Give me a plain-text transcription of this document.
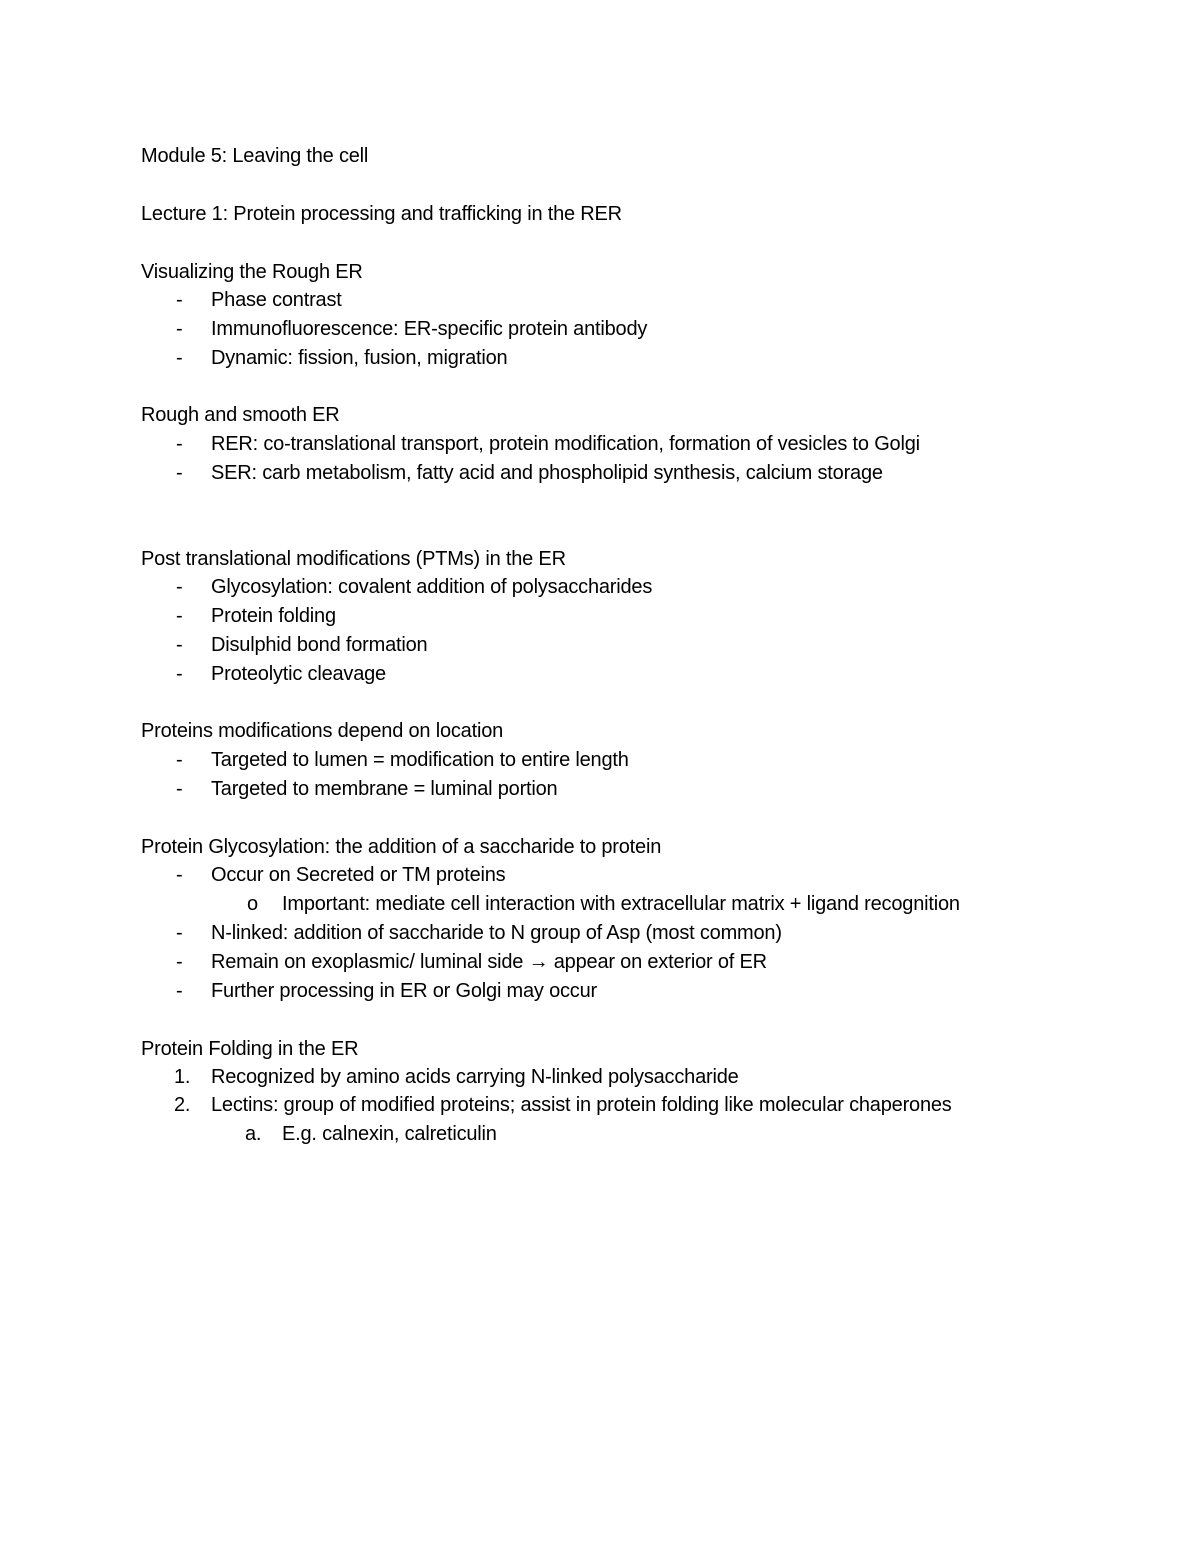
Module 5: Leaving the cell
Lecture 1: Protein processing and trafficking in the RER
Visualizing the Rough ER
- Phase contrast
- Immunofluorescence: ER-specific protein antibody
- Dynamic: fission, fusion, migration
Rough and smooth ER
- RER: co-translational transport, protein modification, formation of vesicles to Golgi
- SER: carb metabolism, fatty acid and phospholipid synthesis, calcium storage
Post translational modifications (PTMs) in the ER
- Glycosylation: covalent addition of polysaccharides
- Protein folding
- Disulphid bond formation
- Proteolytic cleavage
Proteins modifications depend on location
- Targeted to lumen = modification to entire length
- Targeted to membrane = luminal portion
Protein Glycosylation: the addition of a saccharide to protein
- Occur on Secreted or TM proteins
o Important: mediate cell interaction with extracellular matrix + ligand recognition
- N-linked: addition of saccharide to N group of Asp (most common)
- Remain on exoplasmic/ luminal side → appear on exterior of ER
- Further processing in ER or Golgi may occur
Protein Folding in the ER
1. Recognized by amino acids carrying N-linked polysaccharide
2. Lectins: group of modified proteins; assist in protein folding like molecular chaperones
a. E.g. calnexin, calreticulin
